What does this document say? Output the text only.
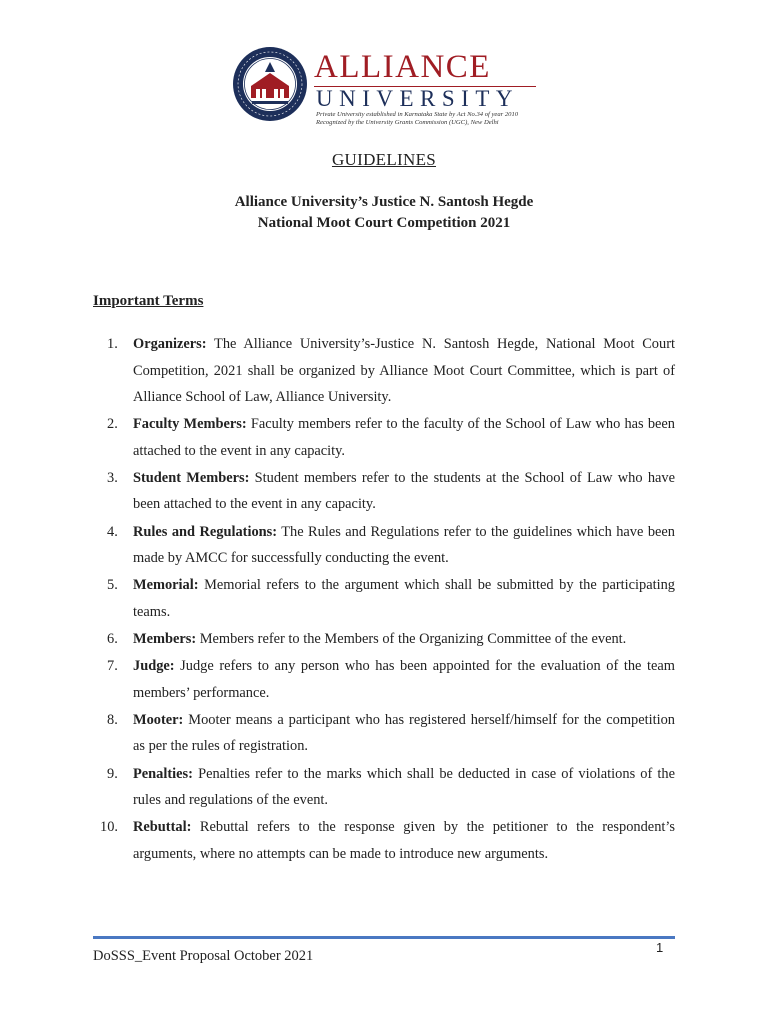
ALLIANCE
UNIVERSITY
Private University established in Karnataka State by Act No.34 of year 2010
Recognized by the University Grants Commission (UGC), New Delhi
GUIDELINES
Alliance University’s Justice N. Santosh Hegde
National Moot Court Competition 2021
Important Terms
1.	Organizers: The Alliance University’s-Justice N. Santosh Hegde, National Moot Court Competition, 2021 shall be organized by Alliance Moot Court Committee, which is part of Alliance School of Law, Alliance University.
2.	Faculty Members: Faculty members refer to the faculty of the School of Law who has been attached to the event in any capacity.
3.	Student Members: Student members refer to the students at the School of Law who have been attached to the event in any capacity.
4.	Rules and Regulations: The Rules and Regulations refer to the guidelines which have been made by AMCC for successfully conducting the event.
5.	Memorial: Memorial refers to the argument which shall be submitted by the participating teams.
6.	Members: Members refer to the Members of the Organizing Committee of the event.
7.	Judge: Judge refers to any person who has been appointed for the evaluation of the team members’ performance.
8.	Mooter: Mooter means a participant who has registered herself/himself for the competition as per the rules of registration.
9.	Penalties: Penalties refer to the marks which shall be deducted in case of violations of the rules and regulations of the event.
10.	Rebuttal: Rebuttal refers to the response given by the petitioner to the respondent’s arguments, where no attempts can be made to introduce new arguments.
DoSSS_Event Proposal October 2021
1
